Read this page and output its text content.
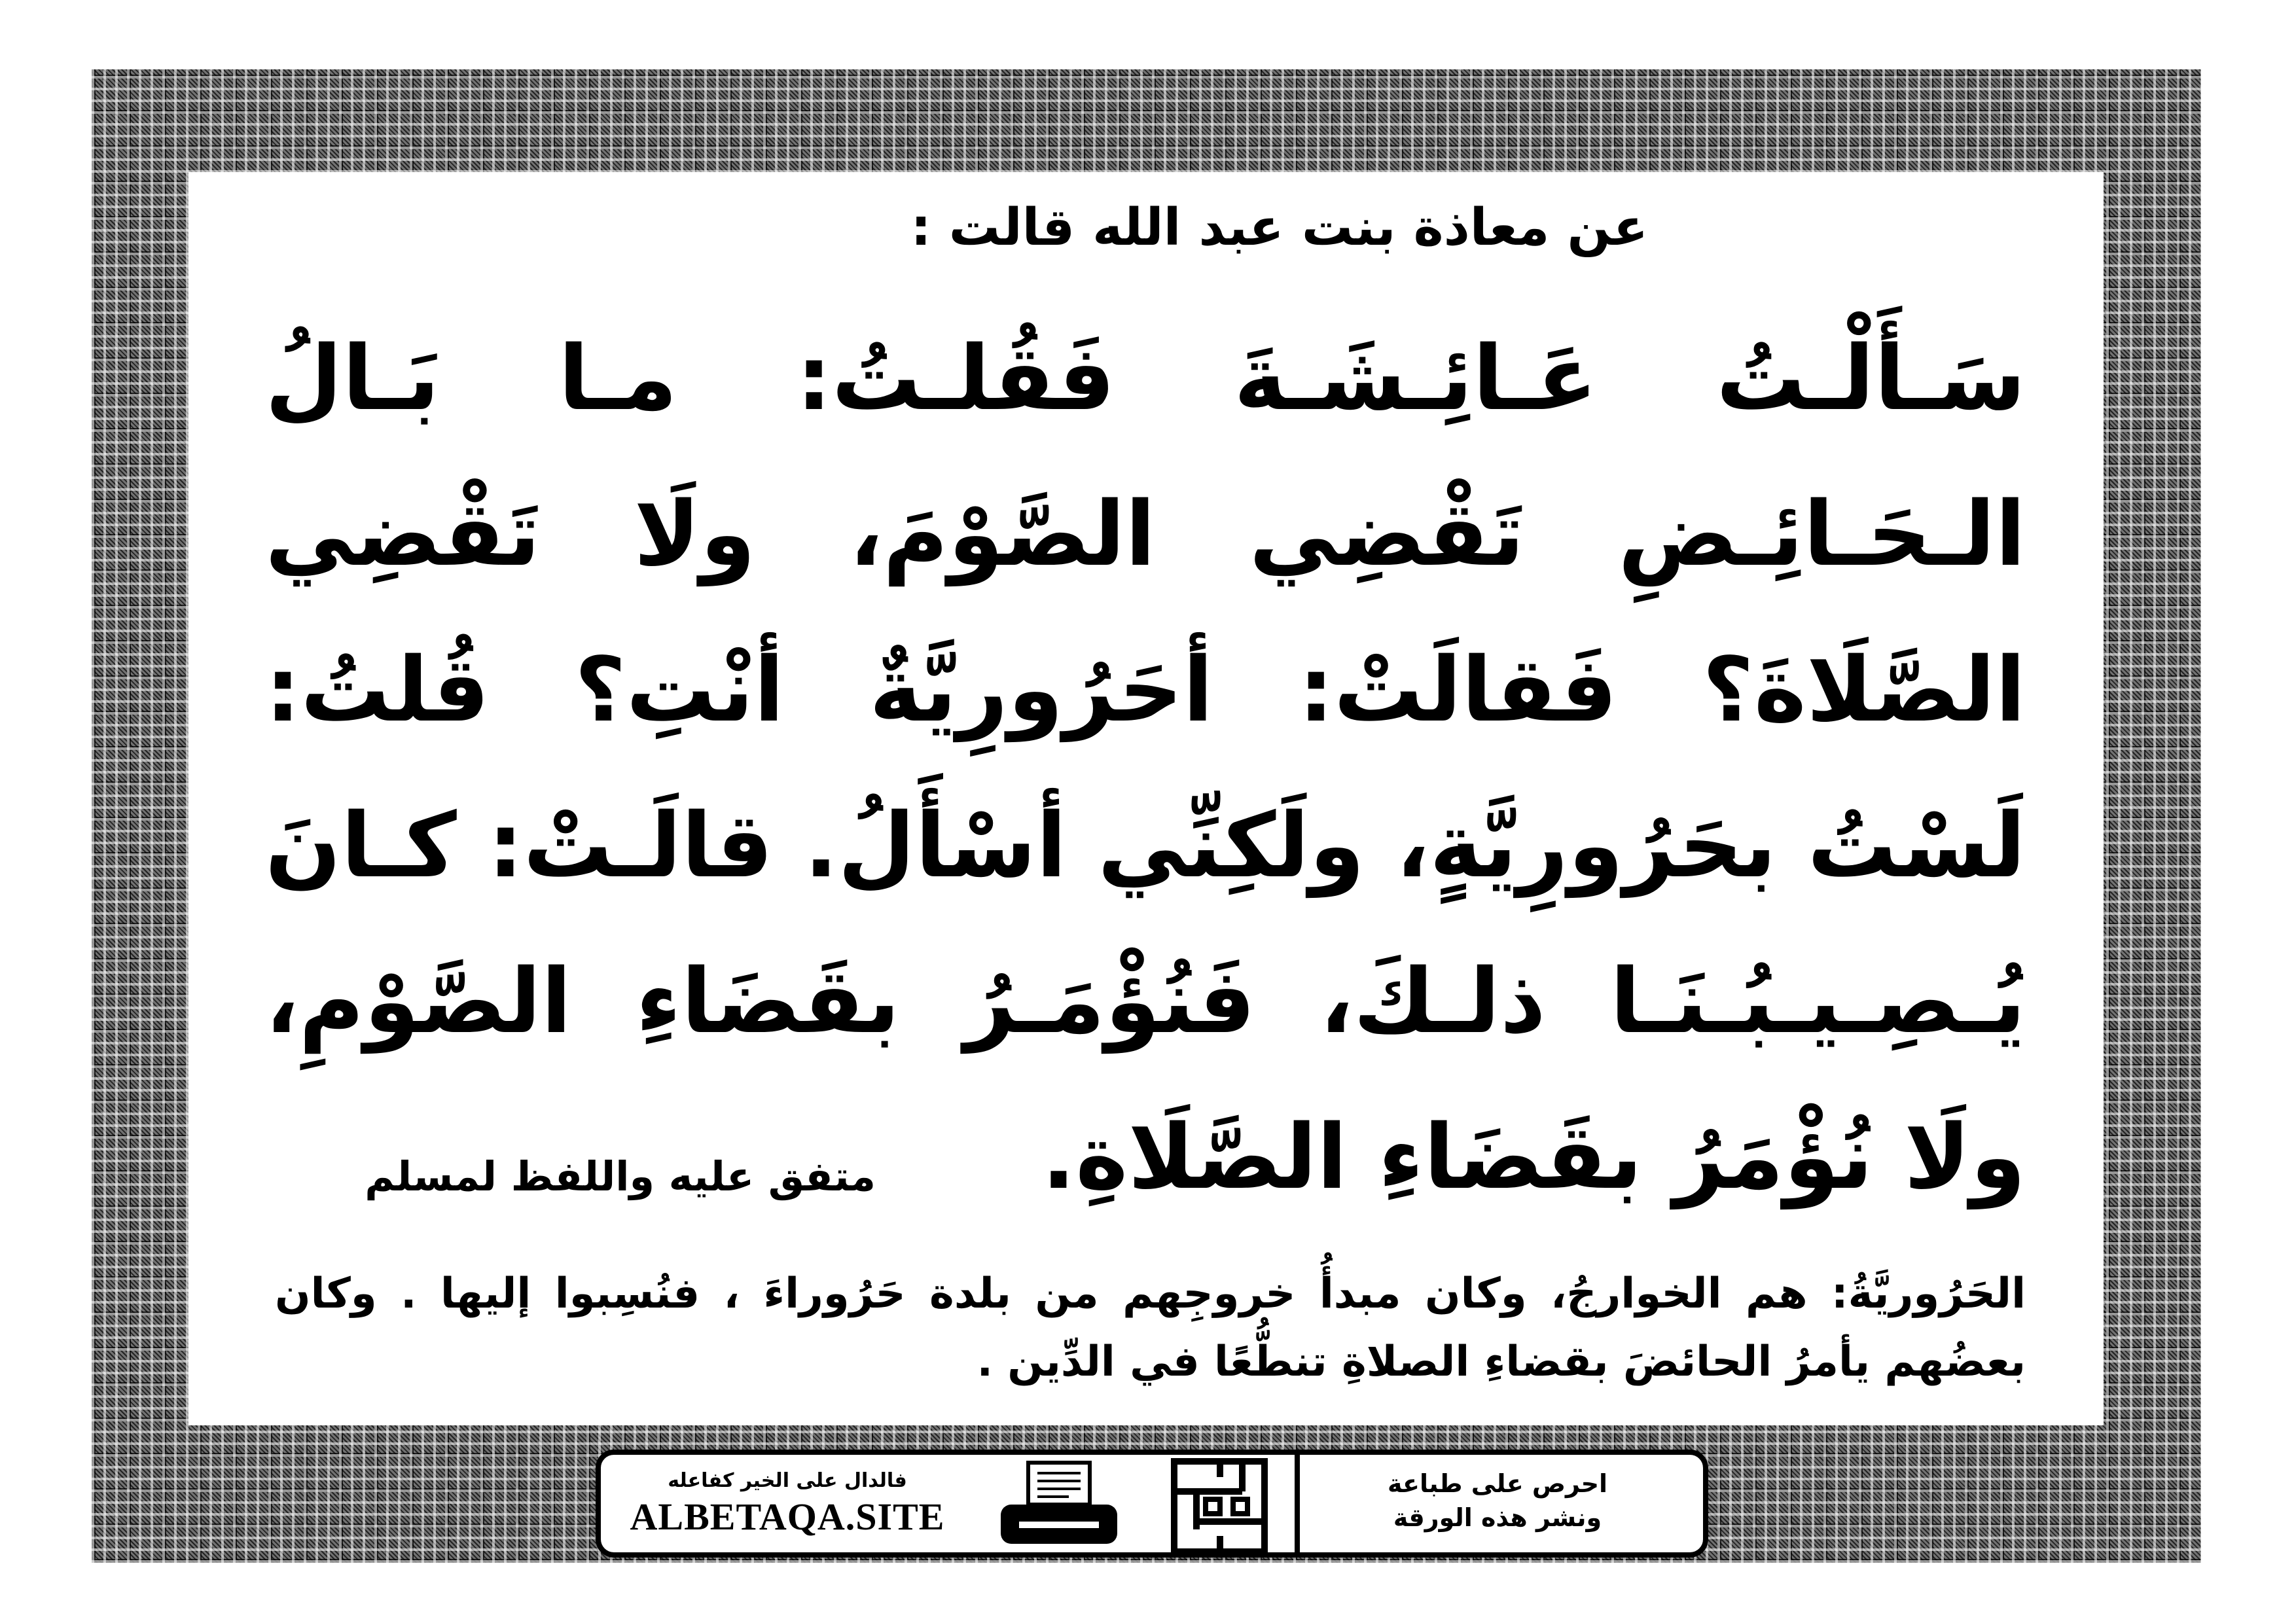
عن معاذة بنت عبد الله قالت :

سَـأَلْـتُ عَـائِـشَـةَ فَقُلـتُ: مـا بَـالُ الـحَـائِـضِ تَقْضِي الصَّوْمَ، ولَا تَقْضِي الصَّلَاةَ؟ فَقالَتْ: أحَرُورِيَّةٌ أنْتِ؟ قُلتُ: لَسْتُ بحَرُورِيَّةٍ، ولَكِنِّي أسْأَلُ. قالَـتْ: كـانَ يُـصِـيـبُـنَـا ذلـكَ، فَنُؤْمَـرُ بقَضَاءِ الصَّوْمِ، ولَا نُؤْمَرُ بقَضَاءِ الصَّلَاةِ.

متفق عليه واللفظ لمسلم

الحَرُوريَّةُ: هم الخوارجُ، وكان مبدأُ خروجِهم من بلدة حَرُوراءَ ، فنُسِبوا إليها . وكان بعضُهم يأمرُ الحائضَ بقضاءِ الصلاةِ تنطُّعًا في الدِّين .

فالدال على الخير كفاعله

ALBETAQA.SITE

احرص على طباعة

ونشر هذه الورقة
